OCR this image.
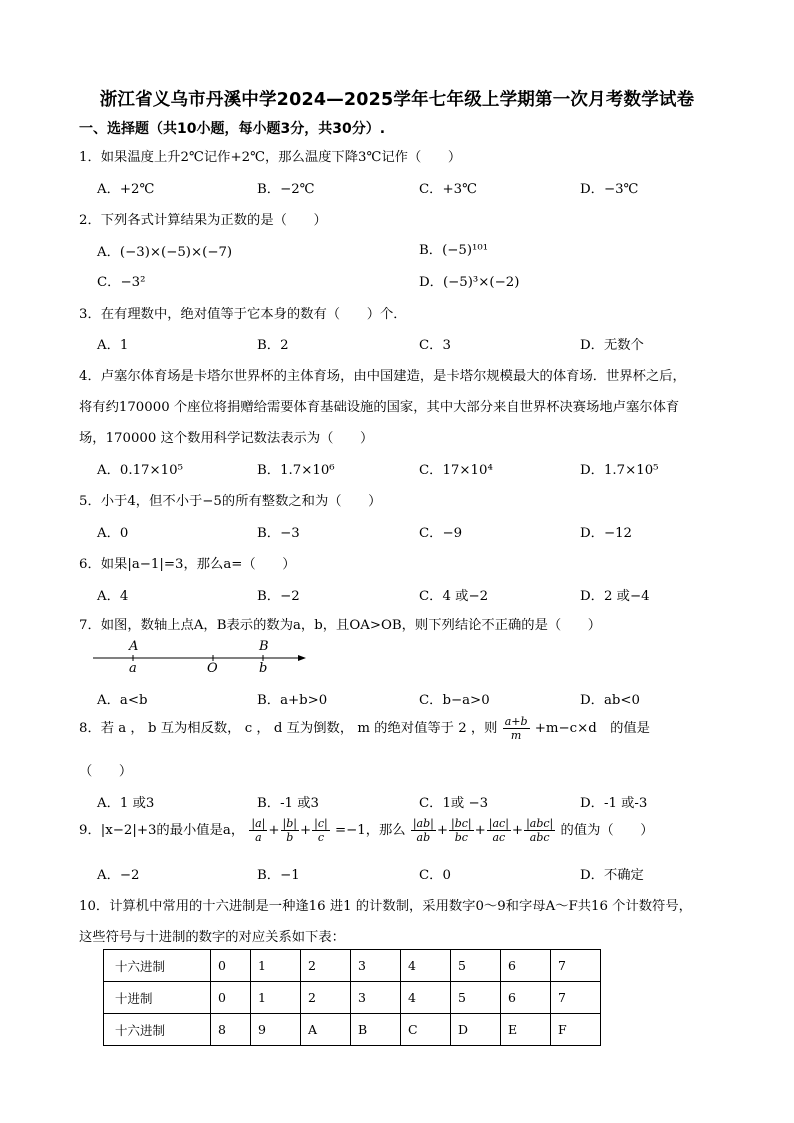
浙江省义乌市丹溪中学2024—2025学年七年级上学期第一次月考数学试卷
一、选择题（共10小题，每小题3分，共30分）.
1．如果温度上升2℃记作+2℃，那么温度下降3℃记作（　　）
A．+2℃	B．−2℃	C．+3℃	D．−3℃
2．下列各式计算结果为正数的是（　　）
A．(−3)×(−5)×(−7)	B．(−5)¹⁰¹
C．−3²	D．(−5)³×(−2)
3．在有理数中，绝对值等于它本身的数有（　　）个．
A．1	B．2	C．3	D．无数个
4．卢塞尔体育场是卡塔尔世界杯的主体育场，由中国建造，是卡塔尔规模最大的体育场．世界杯之后，
将有约170000 个座位将捐赠给需要体育基础设施的国家，其中大部分来自世界杯决赛场地卢塞尔体育
场，170000 这个数用科学记数法表示为（　　）
A．0.17×10⁵	B．1.7×10⁶	C．17×10⁴	D．1.7×10⁵
5．小于4，但不小于−5的所有整数之和为（　　）
A．0	B．−3	C．−9	D．−12
6．如果|a−1|=3，那么a=（　　）
A．4	B．−2	C．4 或−2	D．2 或−4
7．如图，数轴上点A，B表示的数为a，b，且OA>OB，则下列结论不正确的是（　　）
A
a	O
B
b
A．a<b	B．a+b>0	C．b−a>0	D．ab<0
8．若 a ， b 互为相反数， c ， d 互为倒数， m 的绝对值等于 2 ，则 $\frac{a+b}{m} +m-c\times d$　的值是
（　　）
A．1 或3	B．-1 或3	C．1或 −3	D．-1 或-3
9．|x−2|+3的最小值是a， $\frac{|a|}{a} + \frac{|b|}{b} + \frac{|c|}{c} =-1$，那么 $\frac{|ab|}{ab} + \frac{|bc|}{bc} + \frac{|ac|}{ac} + \frac{\text{|abc|}}{\text{abc}}$ 的值为（　　）
A．−2	B．−1	C．0	D．不确定
10．计算机中常用的十六进制是一种逢16 进1 的计数制，采用数字0～9和字母A～F共16 个计数符号，
这些符号与十进制的数字的对应关系如下表：
十六进制	0	1	2	3	4	5	6	7
十进制	0	1	2	3	4	5	6	7
十六进制	8	9	A	B	C	D	E	F
